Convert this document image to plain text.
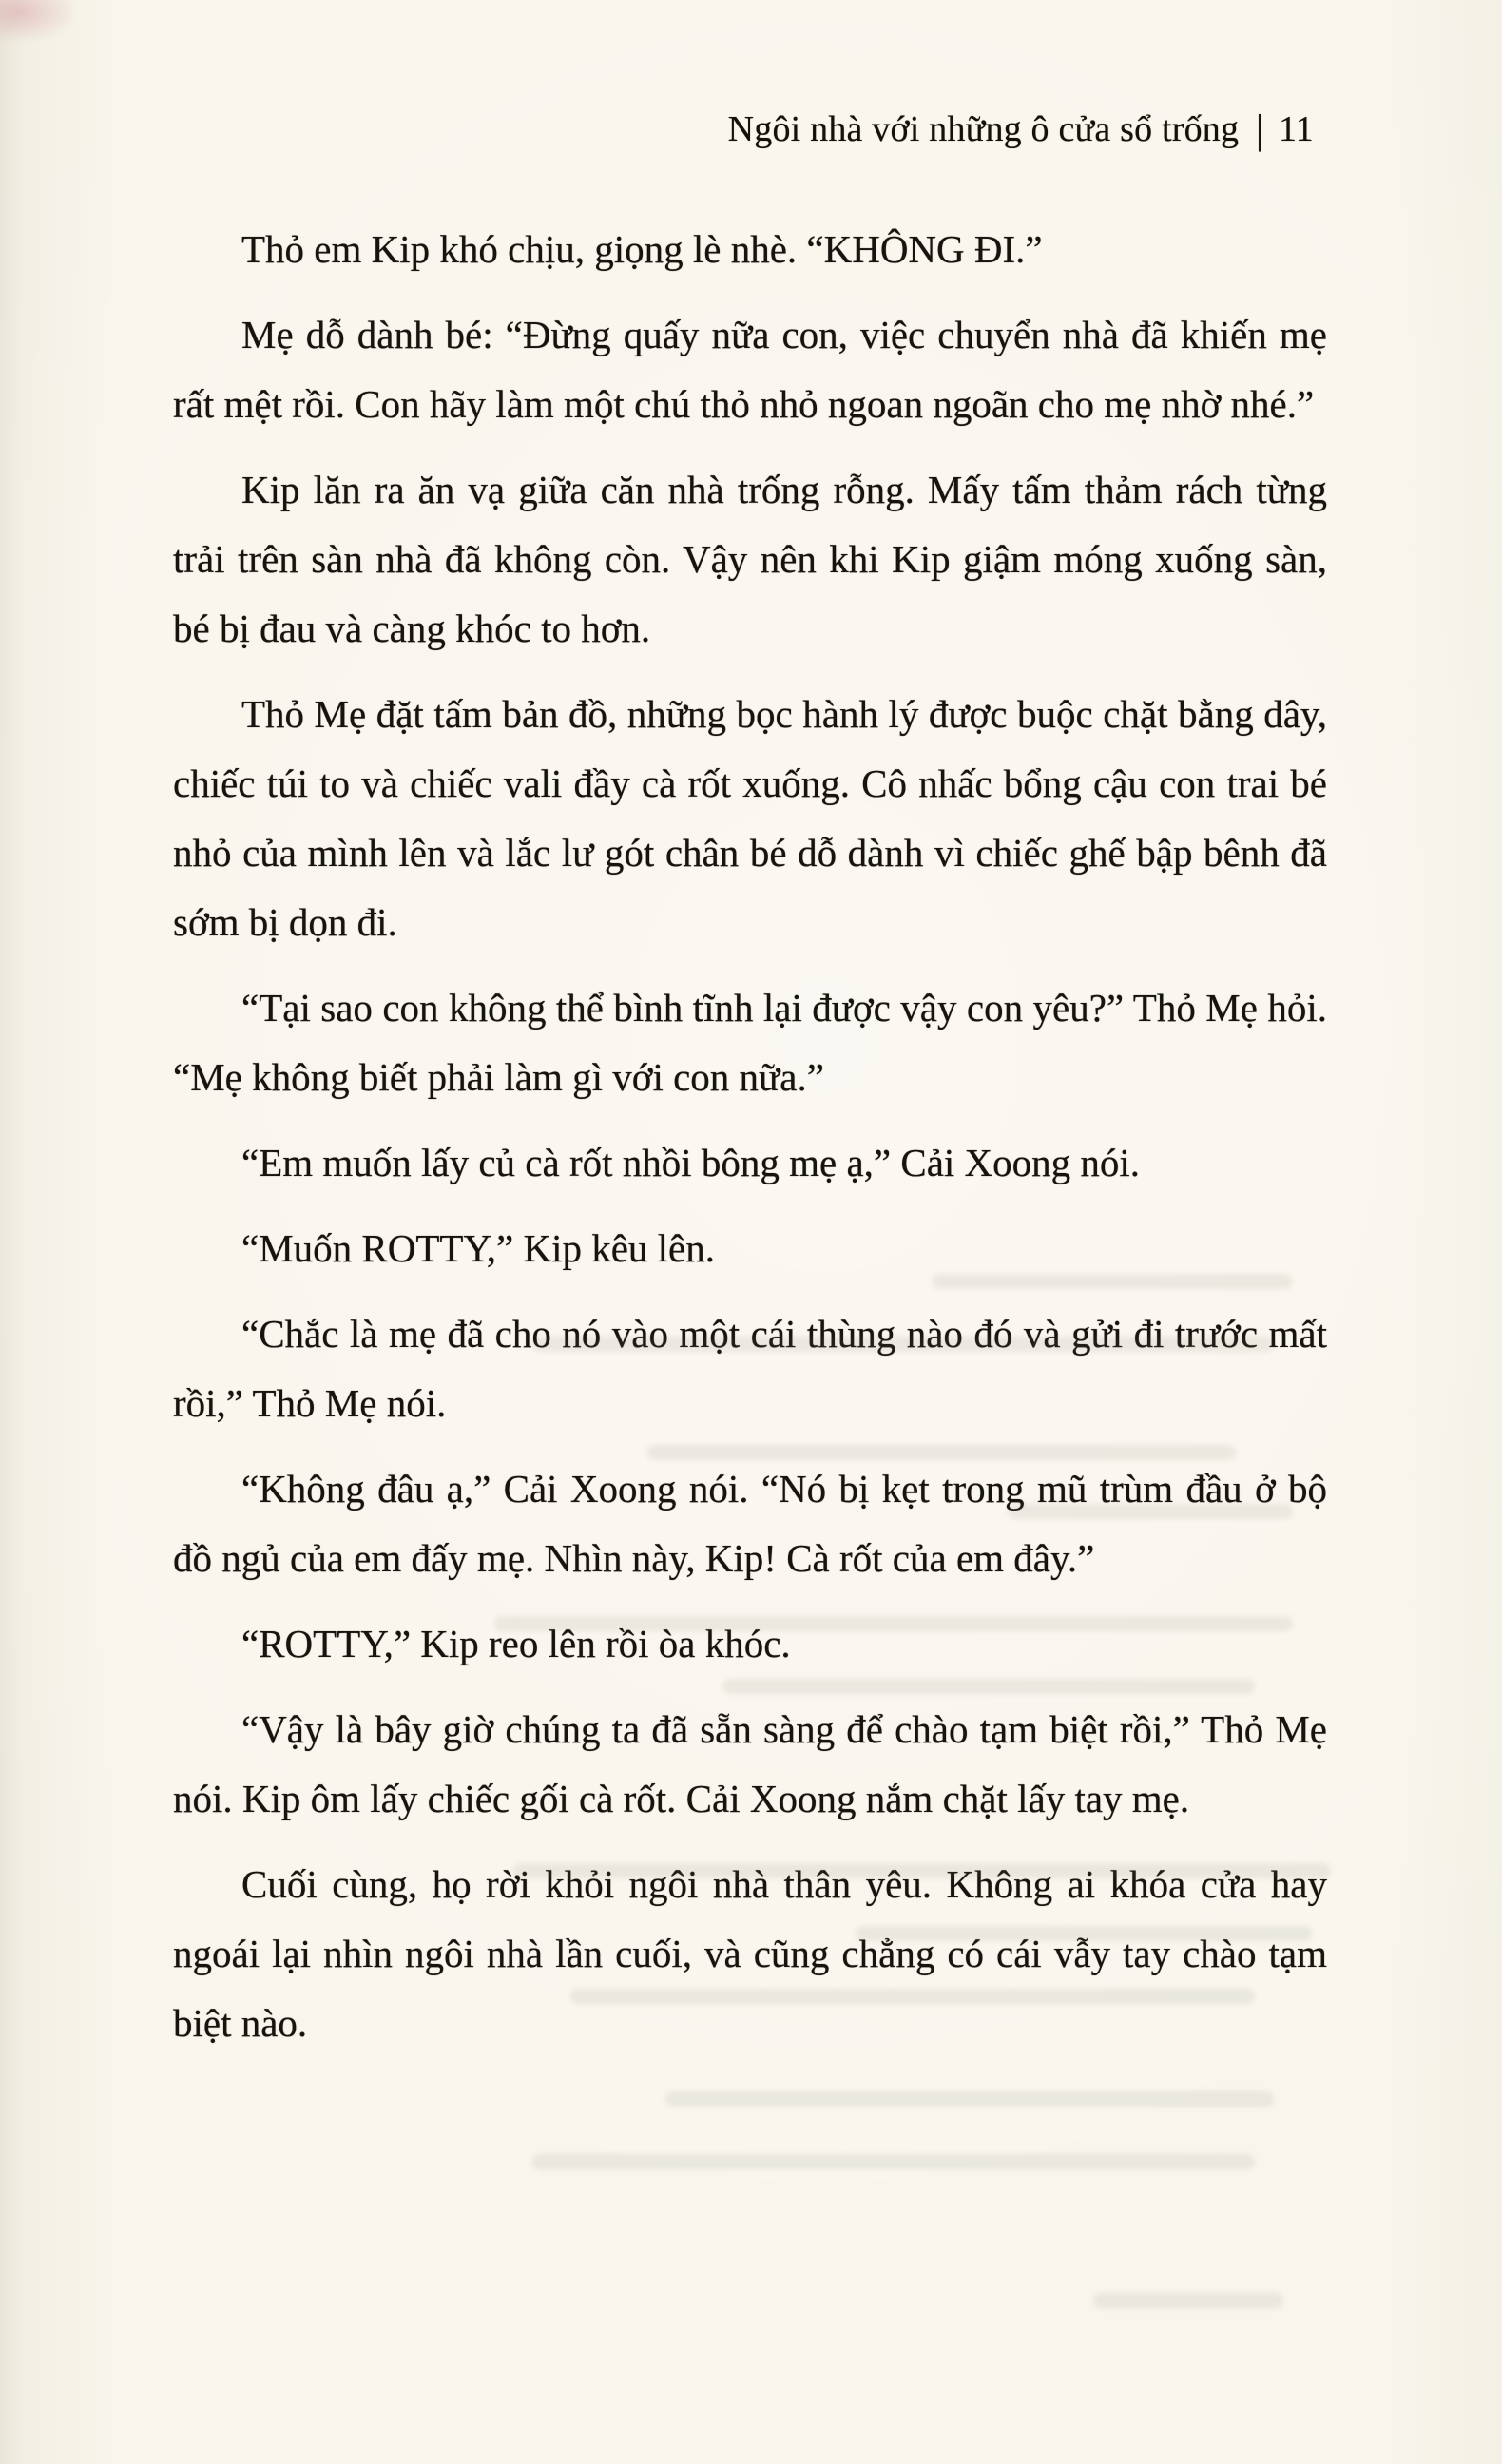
Ngôi nhà với những ô cửa sổ trống | 11

Thỏ em Kip khó chịu, giọng lè nhè. “KHÔNG ĐI.”

Mẹ dỗ dành bé: “Đừng quấy nữa con, việc chuyển nhà đã khiến mẹ rất mệt rồi. Con hãy làm một chú thỏ nhỏ ngoan ngoãn cho mẹ nhờ nhé.”

Kip lăn ra ăn vạ giữa căn nhà trống rỗng. Mấy tấm thảm rách từng trải trên sàn nhà đã không còn. Vậy nên khi Kip giậm móng xuống sàn, bé bị đau và càng khóc to hơn.

Thỏ Mẹ đặt tấm bản đồ, những bọc hành lý được buộc chặt bằng dây, chiếc túi to và chiếc vali đầy cà rốt xuống. Cô nhấc bổng cậu con trai bé nhỏ của mình lên và lắc lư gót chân bé dỗ dành vì chiếc ghế bập bênh đã sớm bị dọn đi.

“Tại sao con không thể bình tĩnh lại được vậy con yêu?” Thỏ Mẹ hỏi. “Mẹ không biết phải làm gì với con nữa.”

“Em muốn lấy củ cà rốt nhồi bông mẹ ạ,” Cải Xoong nói.

“Muốn ROTTY,” Kip kêu lên.

“Chắc là mẹ đã cho nó vào một cái thùng nào đó và gửi đi trước mất rồi,” Thỏ Mẹ nói.

“Không đâu ạ,” Cải Xoong nói. “Nó bị kẹt trong mũ trùm đầu ở bộ đồ ngủ của em đấy mẹ. Nhìn này, Kip! Cà rốt của em đây.”

“ROTTY,” Kip reo lên rồi òa khóc.

“Vậy là bây giờ chúng ta đã sẵn sàng để chào tạm biệt rồi,” Thỏ Mẹ nói. Kip ôm lấy chiếc gối cà rốt. Cải Xoong nắm chặt lấy tay mẹ.

Cuối cùng, họ rời khỏi ngôi nhà thân yêu. Không ai khóa cửa hay ngoái lại nhìn ngôi nhà lần cuối, và cũng chẳng có cái vẫy tay chào tạm biệt nào.
